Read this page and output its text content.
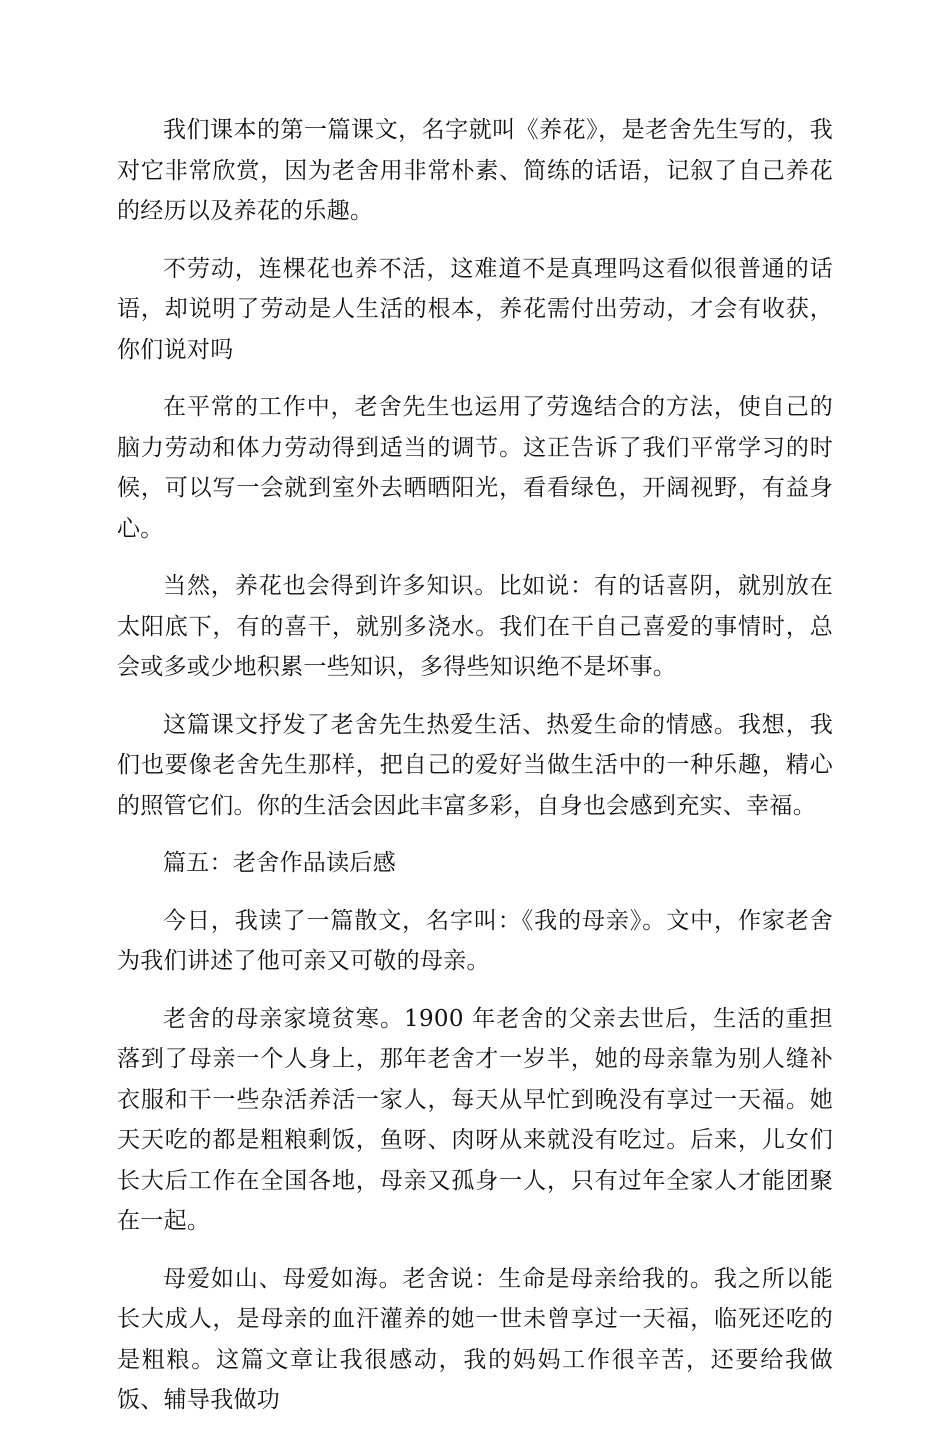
我们课本的第一篇课文，名字就叫《养花》，是老舍先生写的，我对它非常欣赏，因为老舍用非常朴素、简练的话语，记叙了自己养花的经历以及养花的乐趣。

不劳动，连棵花也养不活，这难道不是真理吗这看似很普通的话语，却说明了劳动是人生活的根本，养花需付出劳动，才会有收获，你们说对吗

在平常的工作中，老舍先生也运用了劳逸结合的方法，使自己的脑力劳动和体力劳动得到适当的调节。这正告诉了我们平常学习的时候，可以写一会就到室外去晒晒阳光，看看绿色，开阔视野，有益身心。

当然，养花也会得到许多知识。比如说：有的话喜阴，就别放在太阳底下，有的喜干，就别多浇水。我们在干自己喜爱的事情时，总会或多或少地积累一些知识，多得些知识绝不是坏事。

这篇课文抒发了老舍先生热爱生活、热爱生命的情感。我想，我们也要像老舍先生那样，把自己的爱好当做生活中的一种乐趣，精心的照管它们。你的生活会因此丰富多彩，自身也会感到充实、幸福。

篇五：老舍作品读后感

今日，我读了一篇散文，名字叫：《我的母亲》。文中，作家老舍为我们讲述了他可亲又可敬的母亲。

老舍的母亲家境贫寒。1900 年老舍的父亲去世后，生活的重担落到了母亲一个人身上，那年老舍才一岁半，她的母亲靠为别人缝补衣服和干一些杂活养活一家人，每天从早忙到晚没有享过一天福。她天天吃的都是粗粮剩饭，鱼呀、肉呀从来就没有吃过。后来，儿女们长大后工作在全国各地，母亲又孤身一人，只有过年全家人才能团聚在一起。

母爱如山、母爱如海。老舍说：生命是母亲给我的。我之所以能长大成人，是母亲的血汗灌养的她一世未曾享过一天福，临死还吃的是粗粮。这篇文章让我很感动，我的妈妈工作很辛苦，还要给我做饭、辅导我做功
